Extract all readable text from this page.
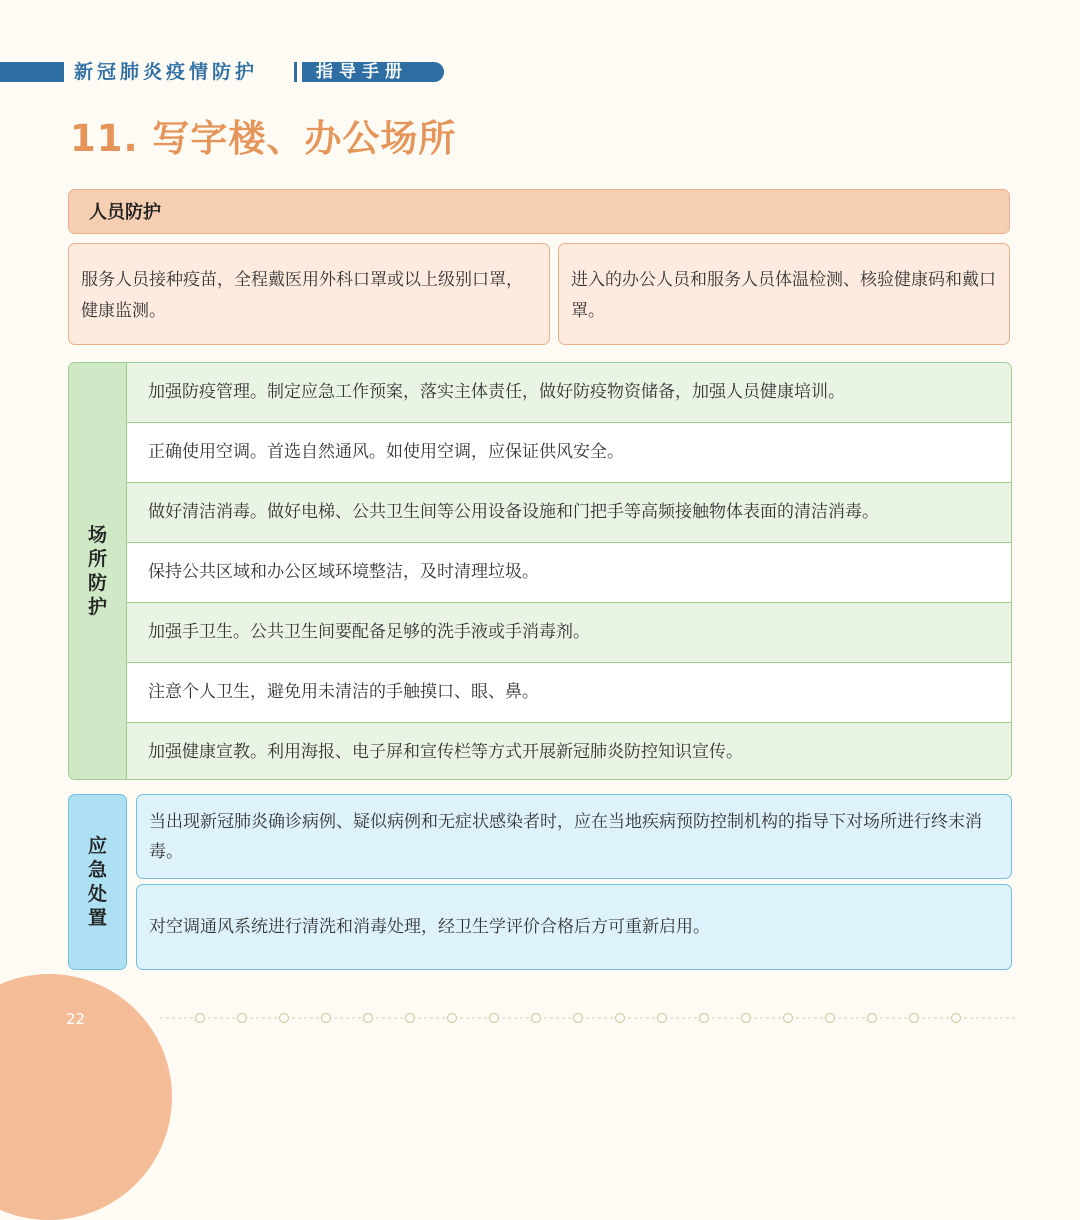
新冠肺炎疫情防护	指导手册
11. 写字楼、办公场所
人员防护
服务人员接种疫苗，全程戴医用外科口罩或以上级别口罩，健康监测。
进入的办公人员和服务人员体温检测、核验健康码和戴口罩。
场
所
防
护
加强防疫管理。制定应急工作预案，落实主体责任，做好防疫物资储备，加强人员健康培训。
正确使用空调。首选自然通风。如使用空调，应保证供风安全。
做好清洁消毒。做好电梯、公共卫生间等公用设备设施和门把手等高频接触物体表面的清洁消毒。
保持公共区域和办公区域环境整洁，及时清理垃圾。
加强手卫生。公共卫生间要配备足够的洗手液或手消毒剂。
注意个人卫生，避免用未清洁的手触摸口、眼、鼻。
加强健康宣教。利用海报、电子屏和宣传栏等方式开展新冠肺炎防控知识宣传。
应
急
处
置
当出现新冠肺炎确诊病例、疑似病例和无症状感染者时，应在当地疾病预防控制机构的指导下对场所进行终末消毒。
对空调通风系统进行清洗和消毒处理，经卫生学评价合格后方可重新启用。
22
